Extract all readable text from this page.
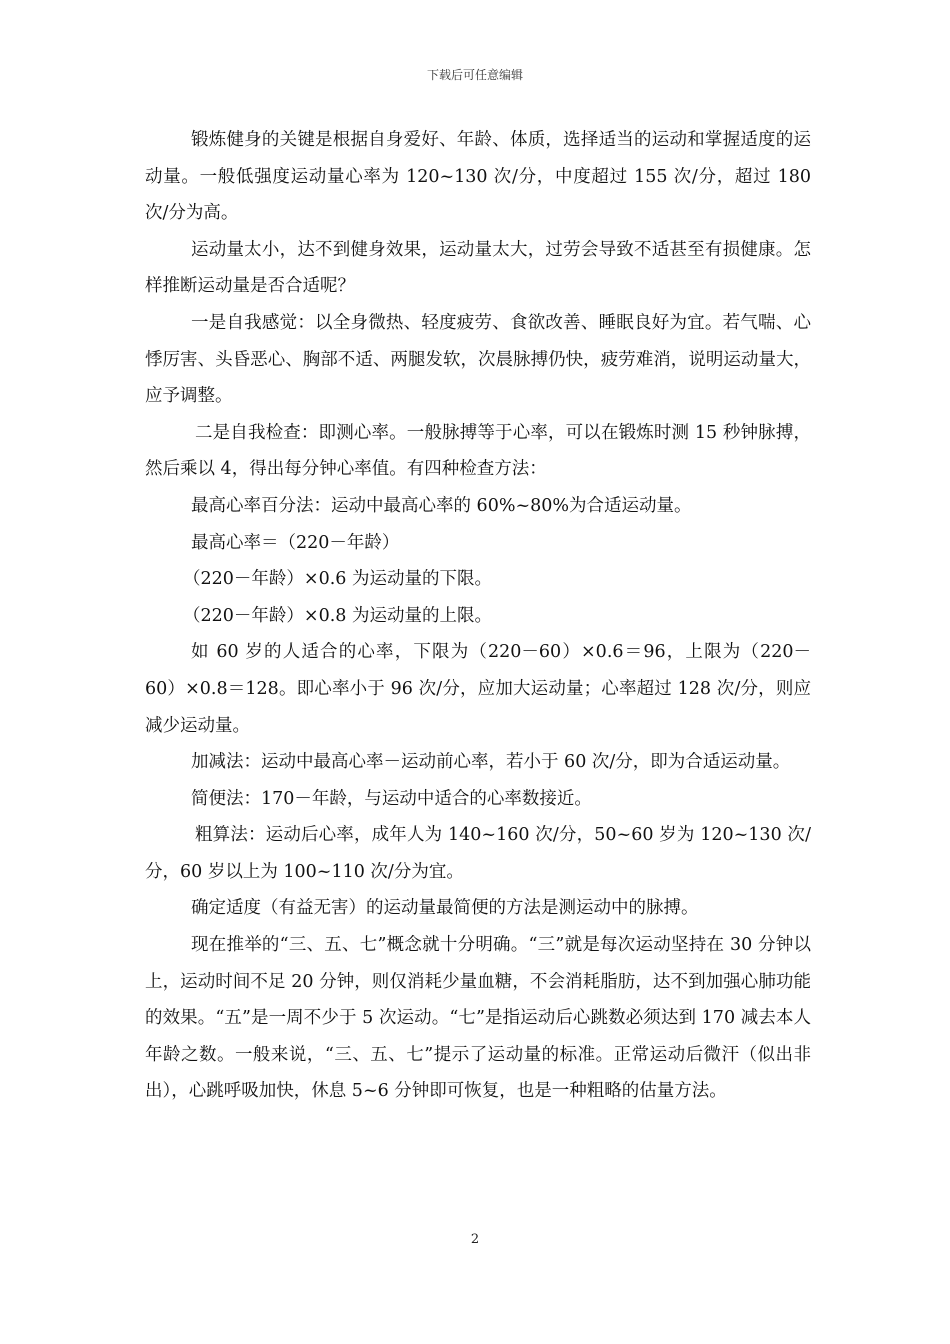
下载后可任意编辑

锻炼健身的关键是根据自身爱好、年龄、体质，选择适当的运动和掌握适度的运动量。一般低强度运动量心率为 120~130 次/分，中度超过 155 次/分，超过 180 次/分为高。

运动量太小，达不到健身效果，运动量太大，过劳会导致不适甚至有损健康。怎样推断运动量是否合适呢？

一是自我感觉：以全身微热、轻度疲劳、食欲改善、睡眠良好为宜。若气喘、心悸厉害、头昏恶心、胸部不适、两腿发软，次晨脉搏仍快，疲劳难消，说明运动量大，应予调整。

二是自我检查：即测心率。一般脉搏等于心率，可以在锻炼时测 15 秒钟脉搏，然后乘以 4，得出每分钟心率值。有四种检查方法：

最高心率百分法：运动中最高心率的 60%~80%为合适运动量。

最高心率＝（220－年龄）

（220－年龄）×0.6 为运动量的下限。

（220－年龄）×0.8 为运动量的上限。

如 60 岁的人适合的心率，下限为（220－60）×0.6＝96，上限为（220－60）×0.8＝128。即心率小于 96 次/分，应加大运动量；心率超过 128 次/分，则应减少运动量。

加减法：运动中最高心率－运动前心率，若小于 60 次/分，即为合适运动量。

简便法：170－年龄，与运动中适合的心率数接近。

粗算法：运动后心率，成年人为 140~160 次/分，50~60 岁为 120~130 次/分，60 岁以上为 100~110 次/分为宜。

确定适度（有益无害）的运动量最简便的方法是测运动中的脉搏。

现在推举的“三、五、七”概念就十分明确。“三”就是每次运动坚持在 30 分钟以上，运动时间不足 20 分钟，则仅消耗少量血糖，不会消耗脂肪，达不到加强心肺功能的效果。“五”是一周不少于 5 次运动。“七”是指运动后心跳数必须达到 170 减去本人年龄之数。一般来说，“三、五、七”提示了运动量的标准。正常运动后微汗（似出非出），心跳呼吸加快，休息 5~6 分钟即可恢复，也是一种粗略的估量方法。

2
